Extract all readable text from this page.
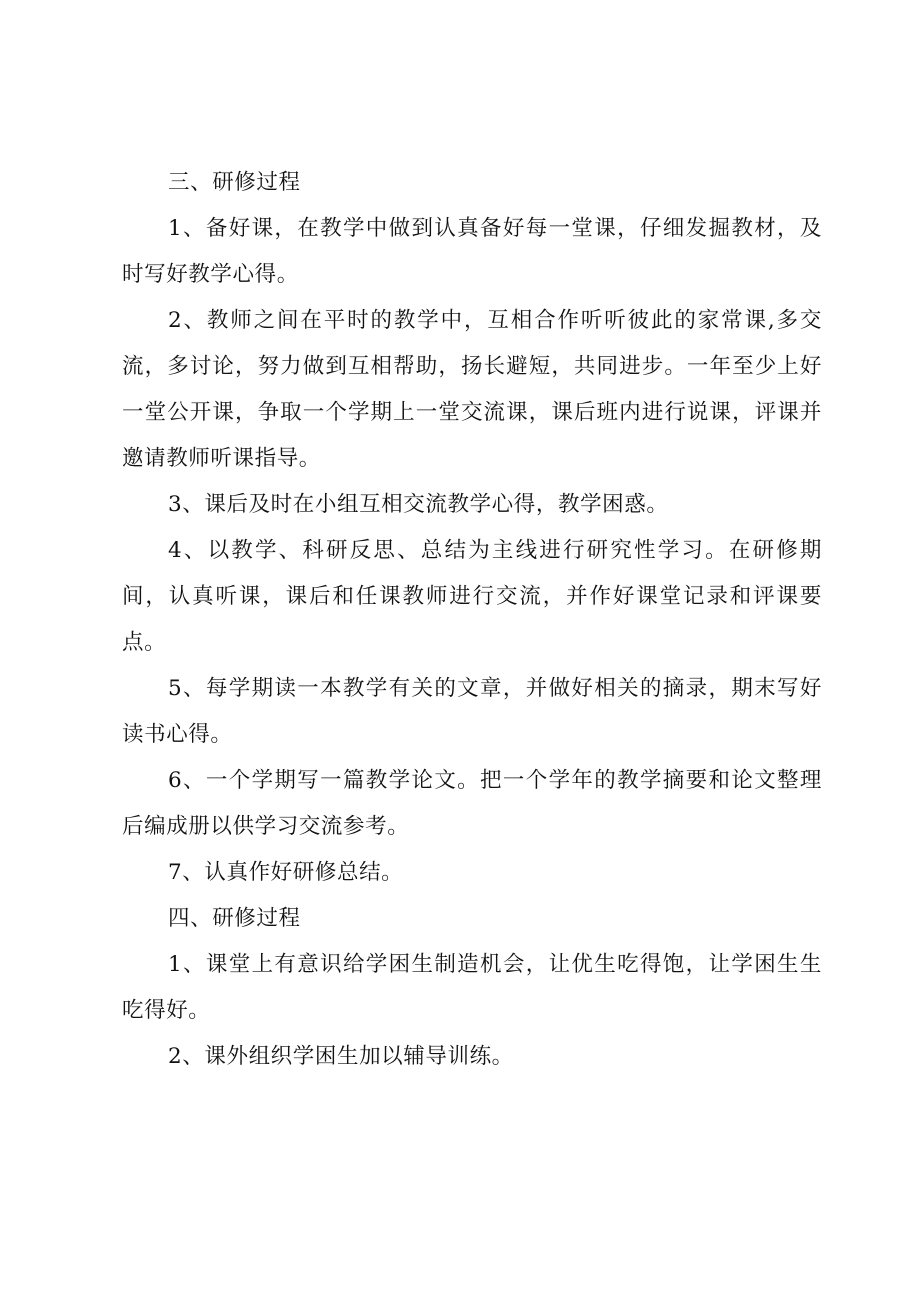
三、研修过程

1、备好课，在教学中做到认真备好每一堂课，仔细发掘教材，及时写好教学心得。

2、教师之间在平时的教学中，互相合作听听彼此的家常课,多交流，多讨论，努力做到互相帮助，扬长避短，共同进步。一年至少上好一堂公开课，争取一个学期上一堂交流课，课后班内进行说课，评课并邀请教师听课指导。

3、课后及时在小组互相交流教学心得，教学困惑。

4、以教学、科研反思、总结为主线进行研究性学习。在研修期间，认真听课，课后和任课教师进行交流，并作好课堂记录和评课要点。

5、每学期读一本教学有关的文章，并做好相关的摘录，期末写好读书心得。

6、一个学期写一篇教学论文。把一个学年的教学摘要和论文整理后编成册以供学习交流参考。

7、认真作好研修总结。

四、研修过程

1、课堂上有意识给学困生制造机会，让优生吃得饱，让学困生生吃得好。

2、课外组织学困生加以辅导训练。
